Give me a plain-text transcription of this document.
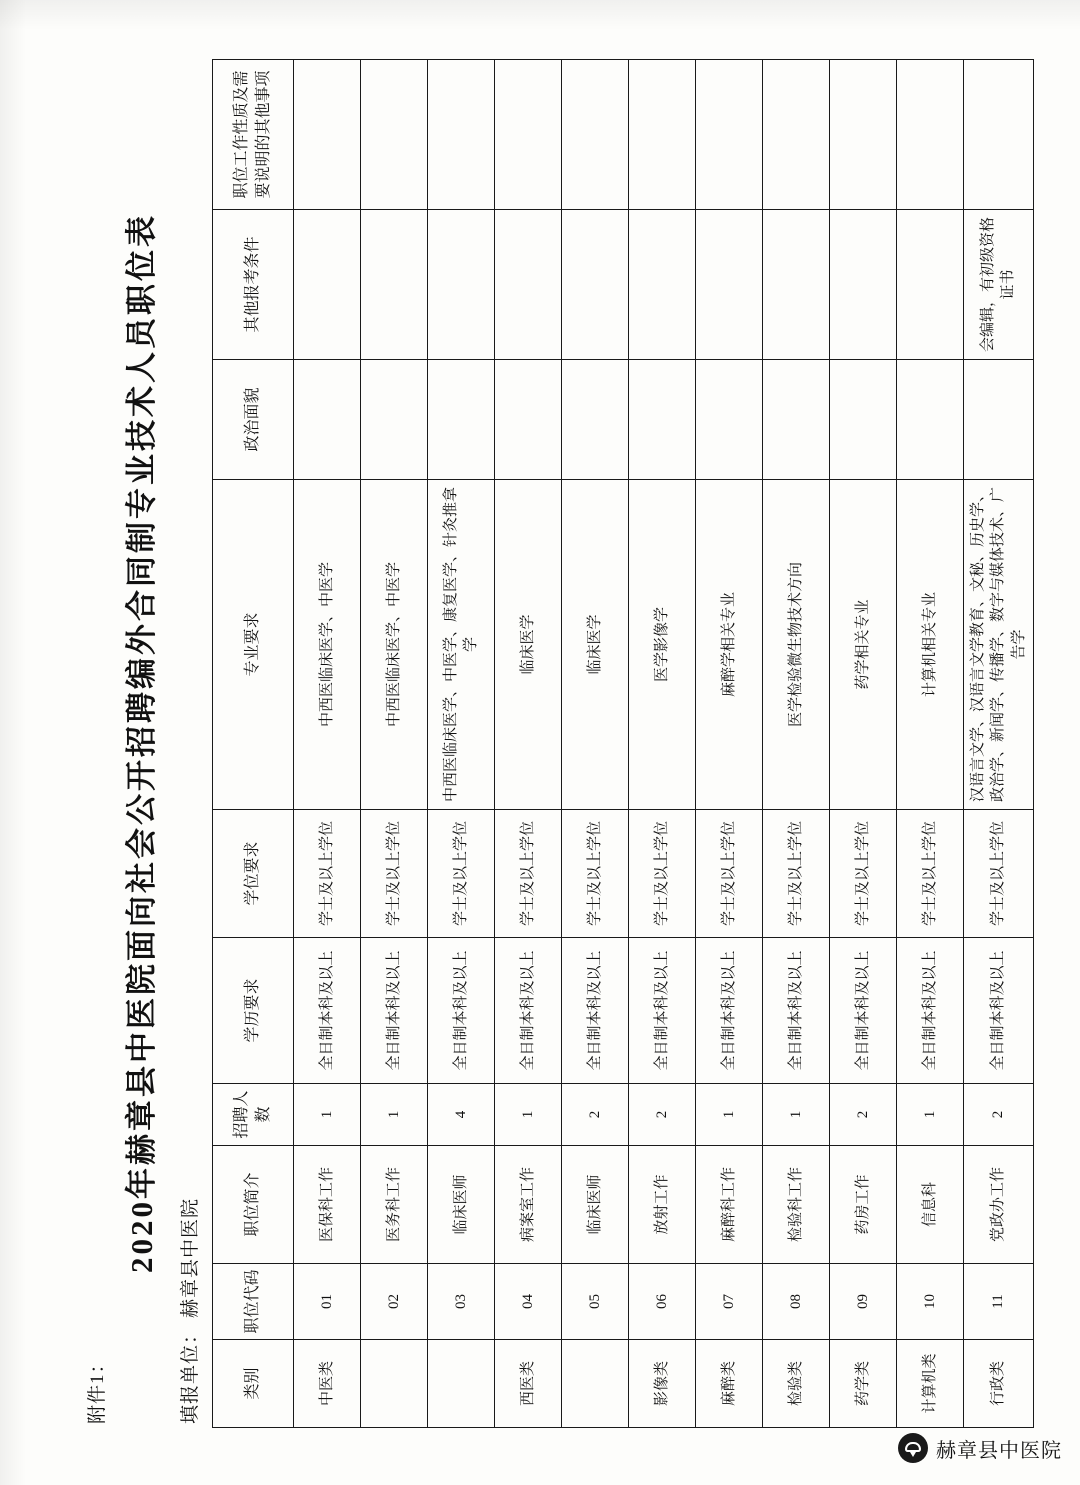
附件1：
2020年赫章县中医院面向社会公开招聘编外合同制专业技术人员职位表
填报单位：赫章县中医院
类别	职位代码	职位简介	招聘人数	学历要求	学位要求	专业要求	政治面貌	其他报考条件	职位工作性质及需要说明的其他事项
中医类	01	医保科工作	1	全日制本科及以上	学士及以上学位	中西医临床医学、中医学			
	02	医务科工作	1	全日制本科及以上	学士及以上学位	中西医临床医学、中医学			
	03	临床医师	4	全日制本科及以上	学士及以上学位	中西医临床医学、中医学、康复医学、针灸推拿学			
西医类	04	病案室工作	1	全日制本科及以上	学士及以上学位	临床医学			
	05	临床医师	2	全日制本科及以上	学士及以上学位	临床医学			
影像类	06	放射工作	2	全日制本科及以上	学士及以上学位	医学影像学			
麻醉类	07	麻醉科工作	1	全日制本科及以上	学士及以上学位	麻醉学相关专业			
检验类	08	检验科工作	1	全日制本科及以上	学士及以上学位	医学检验微生物技术方向			
药学类	09	药房工作	2	全日制本科及以上	学士及以上学位	药学相关专业			
计算机类	10	信息科	1	全日制本科及以上	学士及以上学位	计算机相关专业			
行政类	11	党政办工作	2	全日制本科及以上	学士及以上学位	汉语言文学、汉语言文学教育、文秘、历史学、政治学、新闻学、传播学、数字与媒体技术、广告学		会编辑，有初级资格证书	
赫章县中医院
